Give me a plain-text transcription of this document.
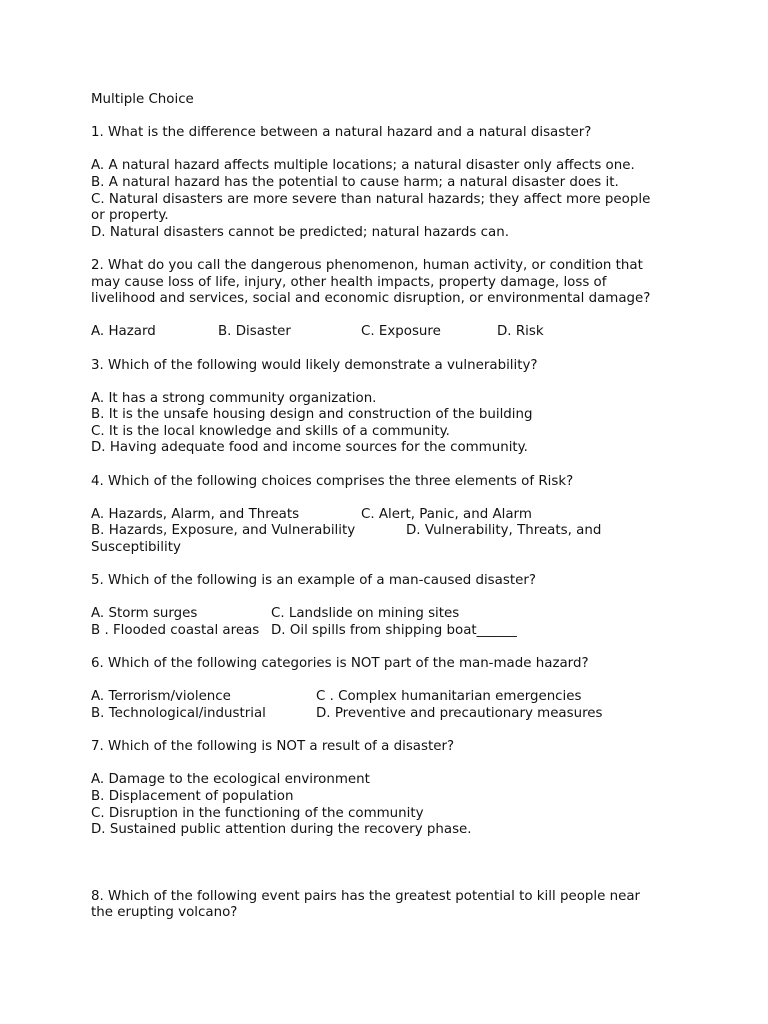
Multiple Choice
1. What is the difference between a natural hazard and a natural disaster?
A. A natural hazard affects multiple locations; a natural disaster only affects one.
B. A natural hazard has the potential to cause harm; a natural disaster does it.
C. Natural disasters are more severe than natural hazards; they affect more people
or property.
D. Natural disasters cannot be predicted; natural hazards can.
2. What do you call the dangerous phenomenon, human activity, or condition that
may cause loss of life, injury, other health impacts, property damage, loss of
livelihood and services, social and economic disruption, or environmental damage?
A. Hazard	B. Disaster	C. Exposure	D. Risk
3. Which of the following would likely demonstrate a vulnerability?
A. It has a strong community organization.
B. It is the unsafe housing design and construction of the building
C. It is the local knowledge and skills of a community.
D. Having adequate food and income sources for the community.
4. Which of the following choices comprises the three elements of Risk?
A. Hazards, Alarm, and Threats	C. Alert, Panic, and Alarm
B. Hazards, Exposure, and Vulnerability	D. Vulnerability, Threats, and
Susceptibility
5. Which of the following is an example of a man-caused disaster?
A. Storm surges	C. Landslide on mining sites
B . Flooded coastal areas D. Oil spills from shipping boat______
6. Which of the following categories is NOT part of the man-made hazard?
A. Terrorism/violence	C . Complex humanitarian emergencies
B. Technological/industrial	D. Preventive and precautionary measures
7. Which of the following is NOT a result of a disaster?
A. Damage to the ecological environment
B. Displacement of population
C. Disruption in the functioning of the community
D. Sustained public attention during the recovery phase.
8. Which of the following event pairs has the greatest potential to kill people near
the erupting volcano?
